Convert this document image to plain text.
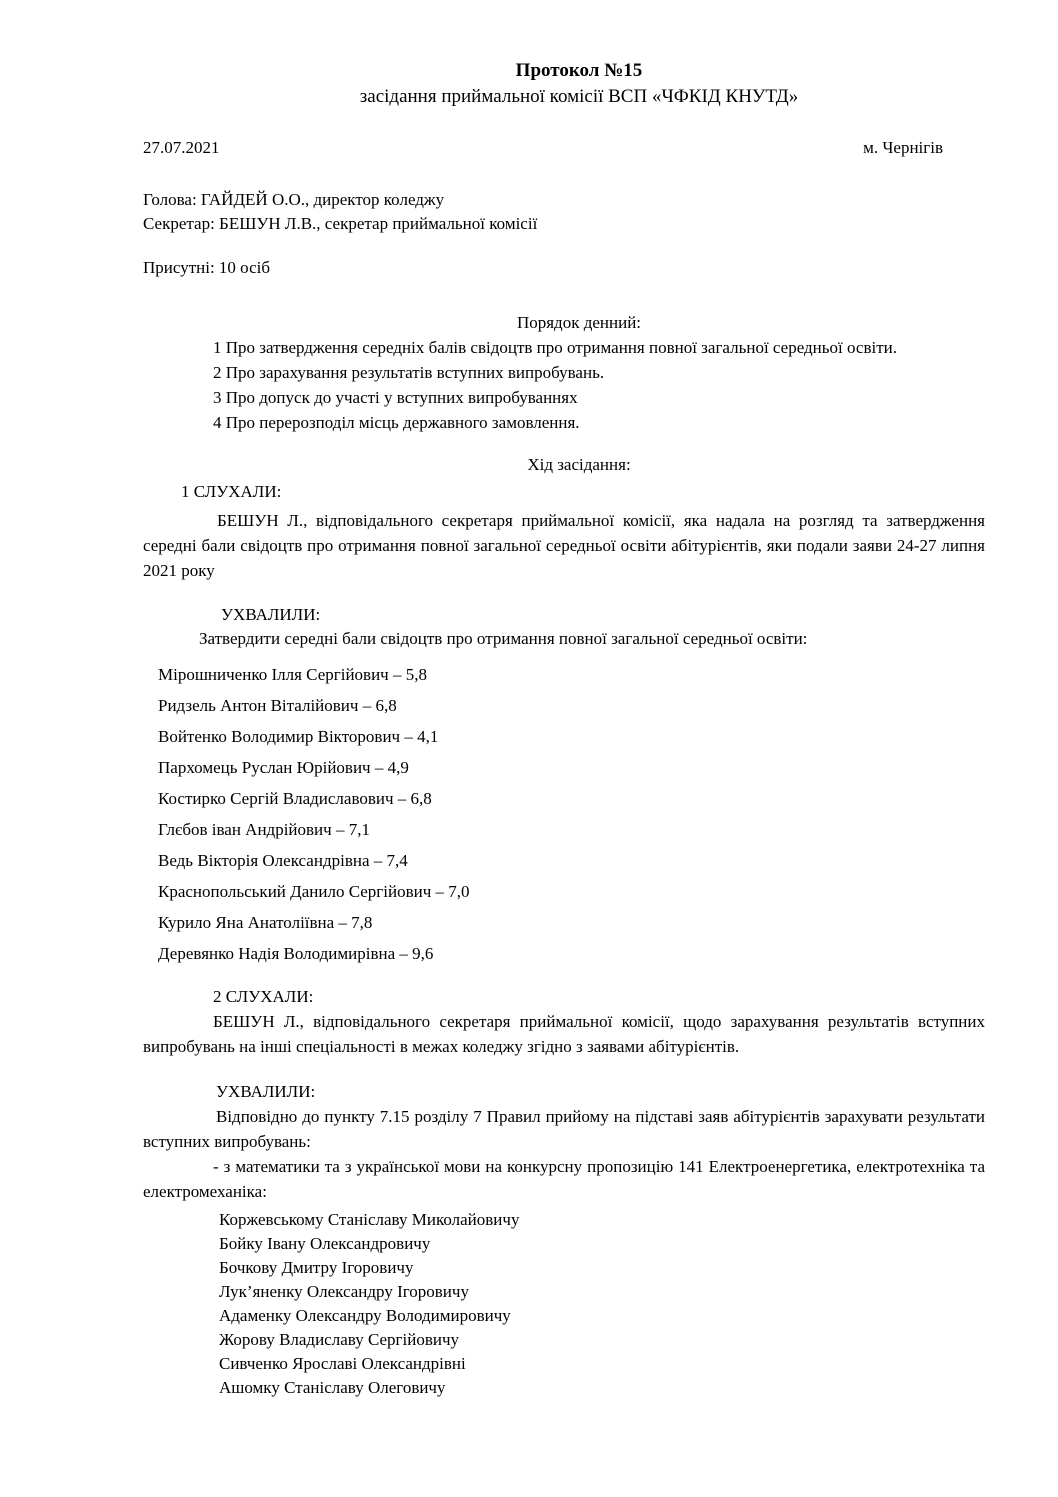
Протокол №15
засідання приймальної комісії ВСП «ЧФКІД КНУТД»
27.07.2021	м. Чернігів
Голова: ГАЙДЕЙ О.О., директор коледжу
Секретар: БЕШУН Л.В., секретар приймальної комісії
Присутні: 10 осіб
Порядок денний:
1 Про затвердження середніх балів свідоцтв про отримання повної загальної середньої освіти.
2 Про зарахування результатів вступних випробувань.
3 Про допуск до участі у вступних випробуваннях
4 Про перерозподіл місць державного замовлення.
Хід засідання:
1 СЛУХАЛИ:
БЕШУН Л., відповідального секретаря приймальної комісії, яка надала на розгляд та затвердження середні бали свідоцтв про отримання повної загальної середньої освіти абітурієнтів, яки подали заяви 24-27 липня 2021 року
УХВАЛИЛИ:
Затвердити середні бали свідоцтв про отримання повної загальної середньої освіти:
Мірошниченко Ілля Сергійович – 5,8
Ридзель Антон Віталійович – 6,8
Войтенко Володимир Вікторович – 4,1
Пархомець Руслан Юрійович – 4,9
Костирко Сергій Владиславович – 6,8
Глєбов іван Андрійович – 7,1
Ведь Вікторія Олександрівна – 7,4
Краснопольський Данило Сергійович – 7,0
Курило Яна Анатоліївна – 7,8
Деревянко Надія Володимирівна – 9,6
2 СЛУХАЛИ:
БЕШУН Л., відповідального секретаря приймальної комісії, щодо зарахування результатів вступних випробувань на інші спеціальності в межах коледжу згідно з заявами абітурієнтів.
УХВАЛИЛИ:
Відповідно до пункту 7.15 розділу 7 Правил прийому на підставі заяв абітурієнтів зарахувати результати вступних випробувань:
- з математики та з української мови на конкурсну пропозицію 141 Електроенергетика, електротехніка та електромеханіка:
Коржевському Станіславу Миколайовичу
Бойку Івану Олександровичу
Бочкову Дмитру Ігоровичу
Лук’яненку Олександру Ігоровичу
Адаменку Олександру Володимировичу
Жорову Владиславу Сергійовичу
Сивченко Ярославі Олександрівні
Ашомку Станіславу Олеговичу
